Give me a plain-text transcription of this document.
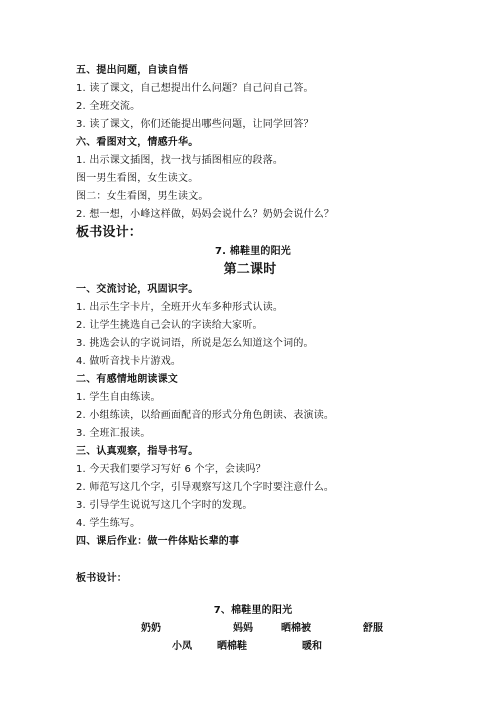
五、提出问题，自读自悟
1. 读了课文，自己想提出什么问题？自己问自己答。
2. 全班交流。
3. 读了课文，你们还能提出哪些问题，让同学回答？
六、看图对文，情感升华。
1. 出示课文插图，找一找与插图相应的段落。
图一男生看图，女生读文。
图二：女生看图，男生读文。
2. 想一想，小峰这样做，妈妈会说什么？奶奶会说什么？
板书设计：
7. 棉鞋里的阳光
第二课时
一、交流讨论，巩固识字。
1. 出示生字卡片，全班开火车多种形式认读。
2. 让学生挑选自己会认的字读给大家听。
3. 挑选会认的字说词语，所说是怎么知道这个词的。
4. 做听音找卡片游戏。
二、有感情地朗读课文
1. 学生自由练读。
2. 小组练读，以给画面配音的形式分角色朗读、表演读。
3. 全班汇报读。
三、认真观察，指导书写。
1. 今天我们要学习写好 6 个字，会读吗？
2. 师范写这几个字，引导观察写这几个字时要注意什么。
3. 引导学生说说写这几个字时的发现。
4. 学生练写。
四、课后作业：做一件体贴长辈的事
板书设计：
7、棉鞋里的阳光
奶奶	妈妈	晒棉被	舒服
小凤	晒棉鞋	暖和
